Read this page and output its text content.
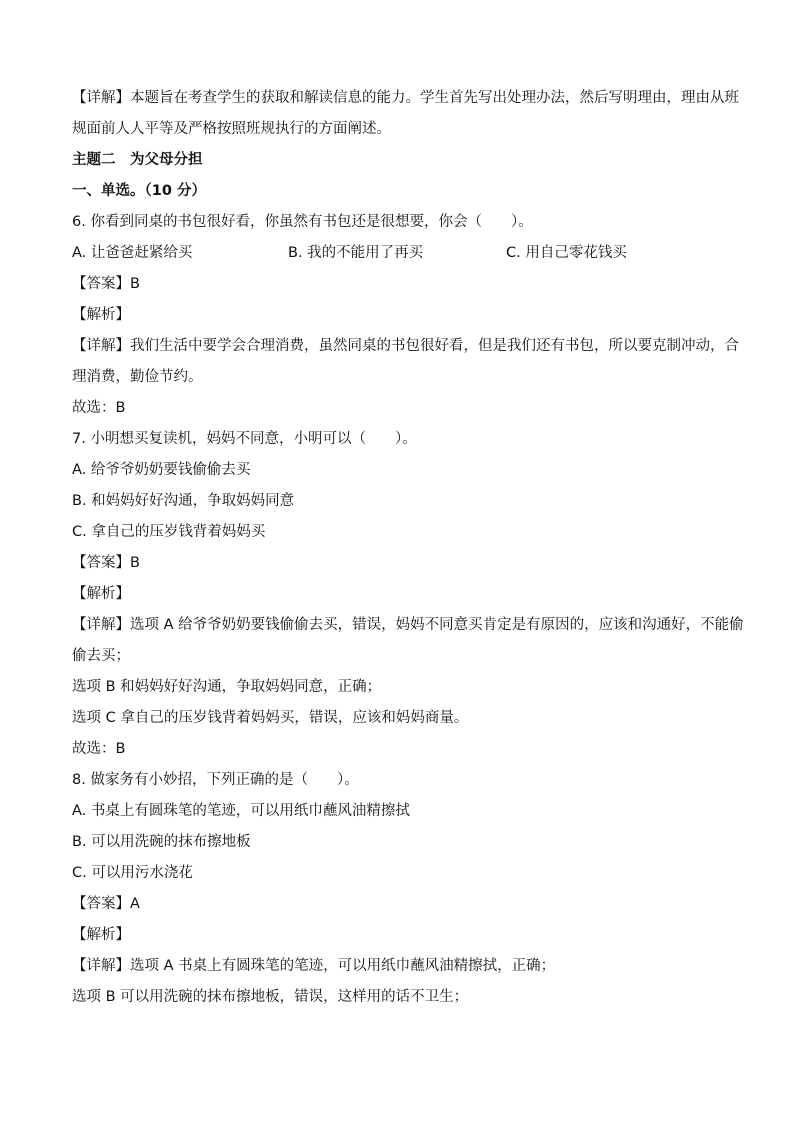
【详解】本题旨在考查学生的获取和解读信息的能力。学生首先写出处理办法，然后写明理由，理由从班

规面前人人平等及严格按照班规执行的方面阐述。

主题二　为父母分担

一、单选。（10 分）

6. 你看到同桌的书包很好看，你虽然有书包还是很想要，你会（　　）。

A. 让爸爸赶紧给买	B. 我的不能用了再买	C. 用自己零花钱买

【答案】B

【解析】

【详解】我们生活中要学会合理消费，虽然同桌的书包很好看，但是我们还有书包，所以要克制冲动，合

理消费，勤俭节约。

故选：B

7. 小明想买复读机，妈妈不同意，小明可以（　　）。

A. 给爷爷奶奶要钱偷偷去买

B. 和妈妈好好沟通，争取妈妈同意

C. 拿自己的压岁钱背着妈妈买

【答案】B

【解析】

【详解】选项 A 给爷爷奶奶要钱偷偷去买，错误，妈妈不同意买肯定是有原因的，应该和沟通好，不能偷

偷去买；

选项 B 和妈妈好好沟通，争取妈妈同意，正确；

选项 C 拿自己的压岁钱背着妈妈买，错误，应该和妈妈商量。

故选：B

8. 做家务有小妙招，下列正确的是（　　）。

A. 书桌上有圆珠笔的笔迹，可以用纸巾蘸风油精擦拭

B. 可以用洗碗的抹布擦地板

C. 可以用污水浇花

【答案】A

【解析】

【详解】选项 A 书桌上有圆珠笔的笔迹，可以用纸巾蘸风油精擦拭，正确；

选项 B 可以用洗碗的抹布擦地板，错误，这样用的话不卫生；
